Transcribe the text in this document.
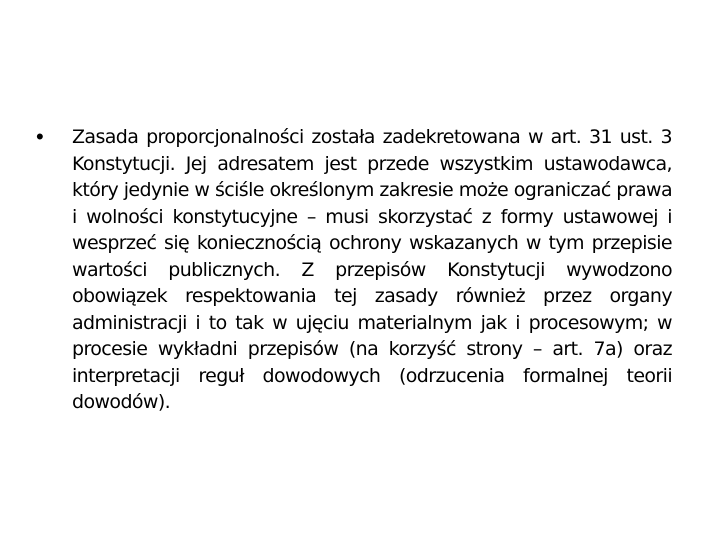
•	Zasada proporcjonalności została zadekretowana w art. 31 ust. 3 Konstytucji. Jej adresatem jest przede wszystkim ustawodawca, który jedynie w ściśle określonym zakresie może ograniczać prawa i wolności konstytucyjne – musi skorzystać z formy ustawowej i wesprzeć się koniecznością ochrony wskazanych w tym przepisie wartości publicznych. Z przepisów Konstytucji wywodzono obowiązek respektowania tej zasady również przez organy administracji i to tak w ujęciu materialnym jak i procesowym; w procesie wykładni przepisów (na korzyść strony – art. 7a) oraz interpretacji reguł dowodowych (odrzucenia formalnej teorii dowodów).
